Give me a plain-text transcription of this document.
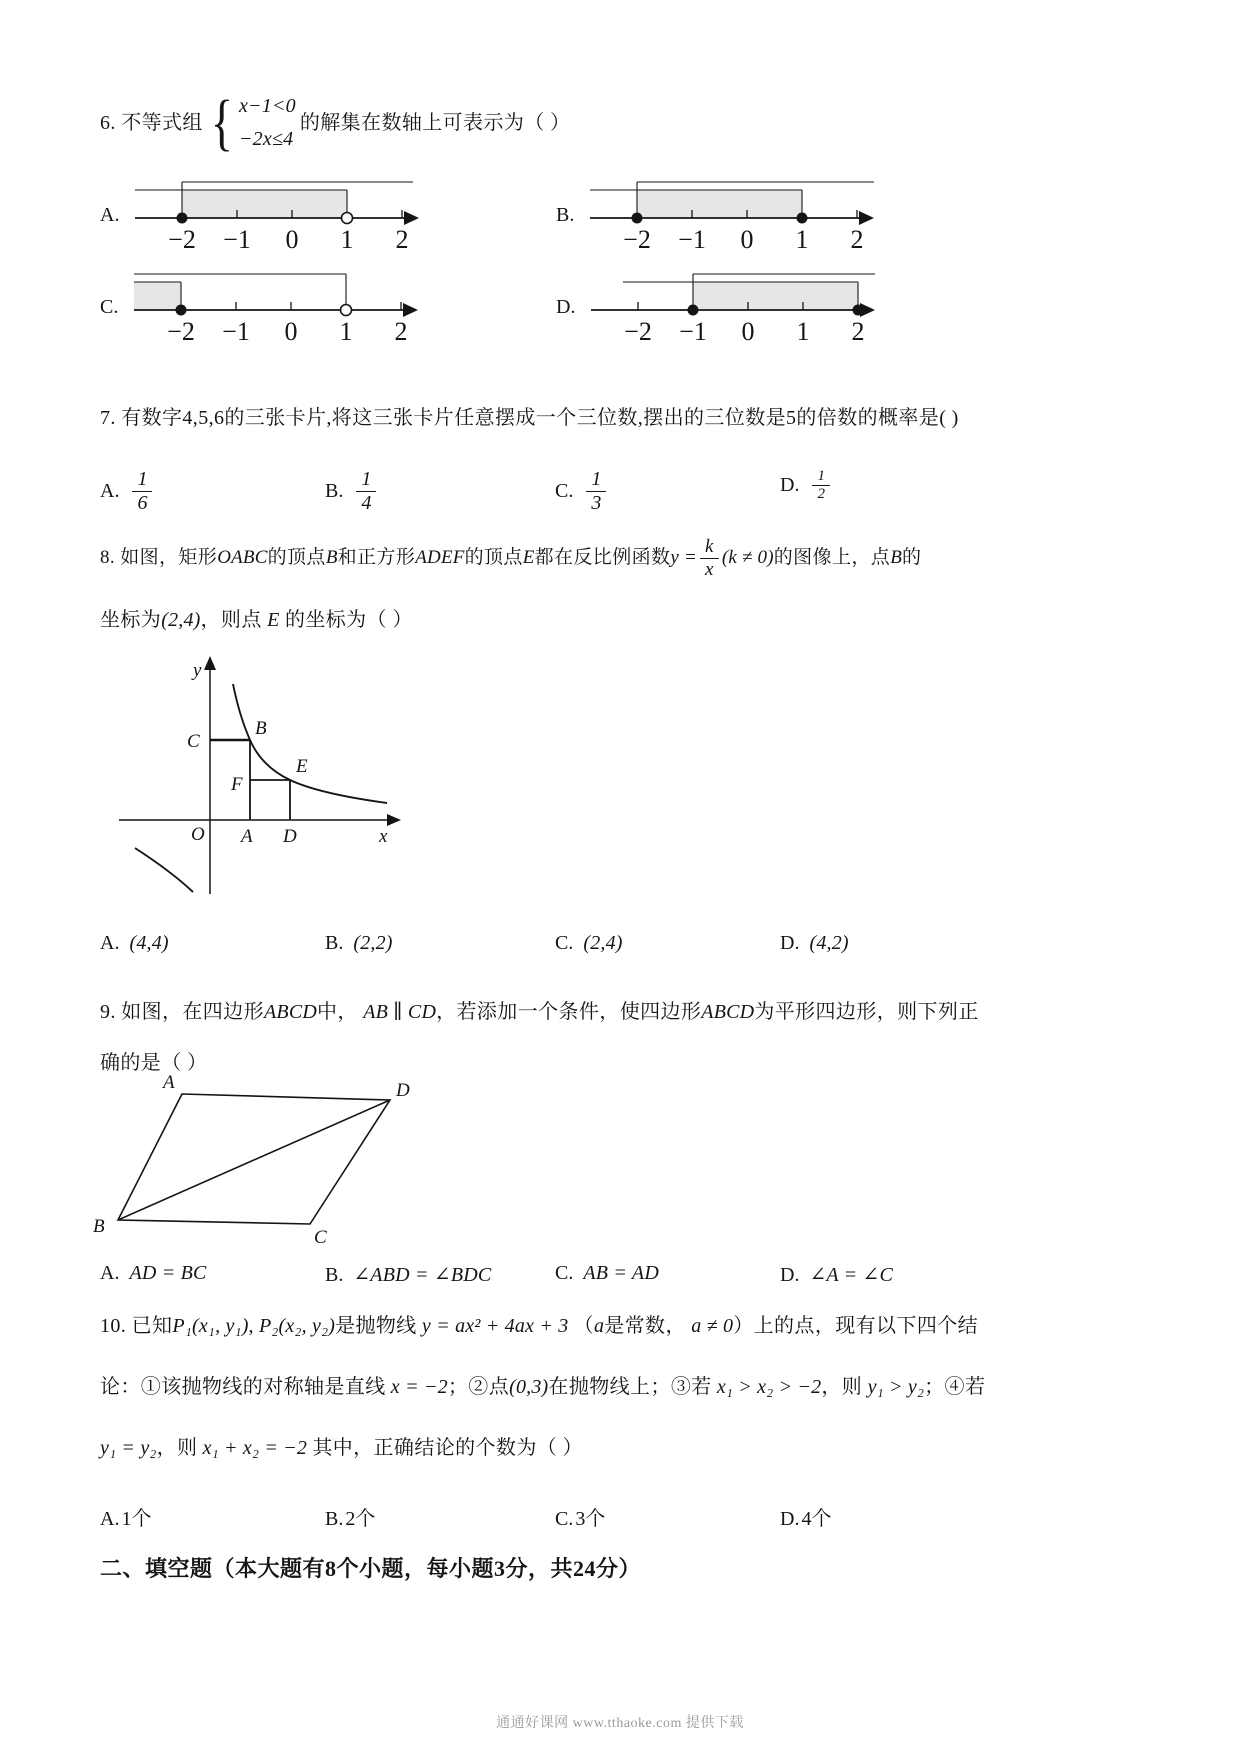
6. 不等式组 { x−1<0
−2x≤4
的解集在数轴上可表示为（ ）
A.
−2 −1 0 1 2
B.
−2 −1 0 1 2
C.
−2 −1 0 1 2
D.
−2 −1 0 1 2
7. 有数字4,5,6的三张卡片,将这三张卡片任意摆成一个三位数,摆出的三位数是5的倍数的概率是( )
A. $\frac{1}{6}$	B. $\frac{1}{4}$	C. $\frac{1}{3}$	D. $\frac{1}{2}$
8. 如图，矩形 OABC 的顶点 B 和正方形 ADEF 的顶点 E 都在反比例函数 $y = \frac{k}{x} (k \ne 0)$ 的图像上，点 B 的
坐标为(2,4)，则点 E 的坐标为（ ）
y
x
O A D
C
B
F
E
A. (4,4)	B. (2,2)	C. (2,4)	D. (4,2)
9. 如图，在四边形ABCD中， AB ∥ CD，若添加一个条件，使四边形ABCD为平形四边形，则下列正
确的是（ ）
A	D
B
C
A. AD = BC	B. ∠ABD = ∠BDC	C. AB = AD	D. ∠A = ∠C
10. 已知P₁(x₁, y₁), P₂(x₂, y₂)是抛物线 y = ax² + 4ax + 3 （a是常数， a ≠ 0）上的点，现有以下四个结
论：①该抛物线的对称轴是直线 x = −2；②点(0,3)在抛物线上；③若 x₁ > x₂ > −2，则 y₁ > y₂；④若
y₁ = y₂，则 x₁ + x₂ = −2 其中，正确结论的个数为（ ）
A. 1个	B. 2个	C. 3个	D. 4个
二、填空题（本大题有8个小题，每小题3分，共24分）
通通好课网 www.tthaoke.com 提供下载
